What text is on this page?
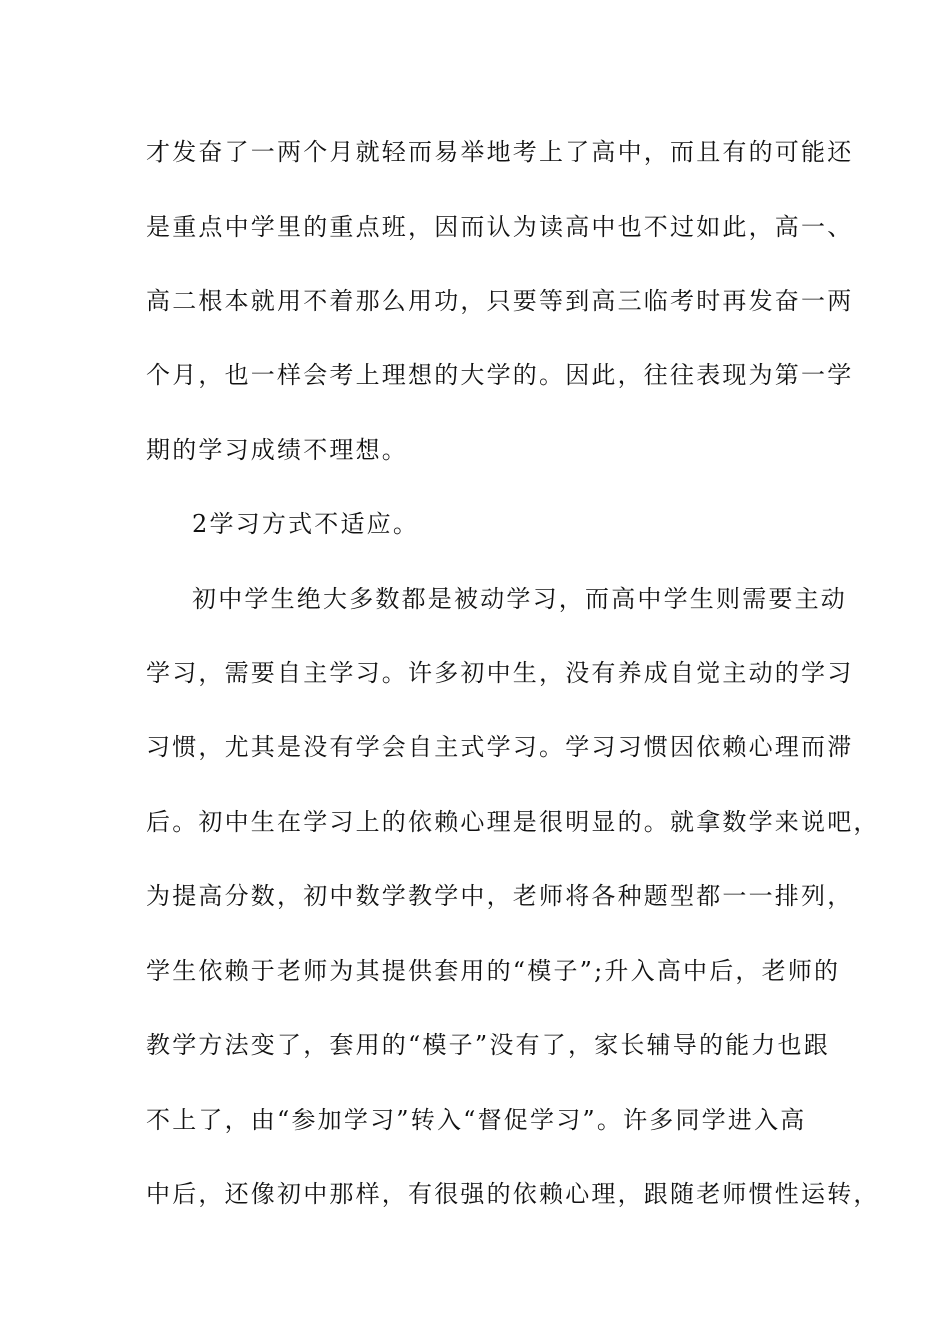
才发奋了一两个月就轻而易举地考上了高中，而且有的可能还
是重点中学里的重点班，因而认为读高中也不过如此，高一、
高二根本就用不着那么用功，只要等到高三临考时再发奋一两
个月，也一样会考上理想的大学的。因此，往往表现为第一学
期的学习成绩不理想。
2学习方式不适应。
初中学生绝大多数都是被动学习，而高中学生则需要主动
学习，需要自主学习。许多初中生，没有养成自觉主动的学习
习惯，尤其是没有学会自主式学习。学习习惯因依赖心理而滞
后。初中生在学习上的依赖心理是很明显的。就拿数学来说吧，
为提高分数，初中数学教学中，老师将各种题型都一一排列，
学生依赖于老师为其提供套用的“模子”;升入高中后，老师的
教学方法变了，套用的“模子”没有了，家长辅导的能力也跟
不上了，由“参加学习”转入“督促学习”。许多同学进入高
中后，还像初中那样，有很强的依赖心理，跟随老师惯性运转，
